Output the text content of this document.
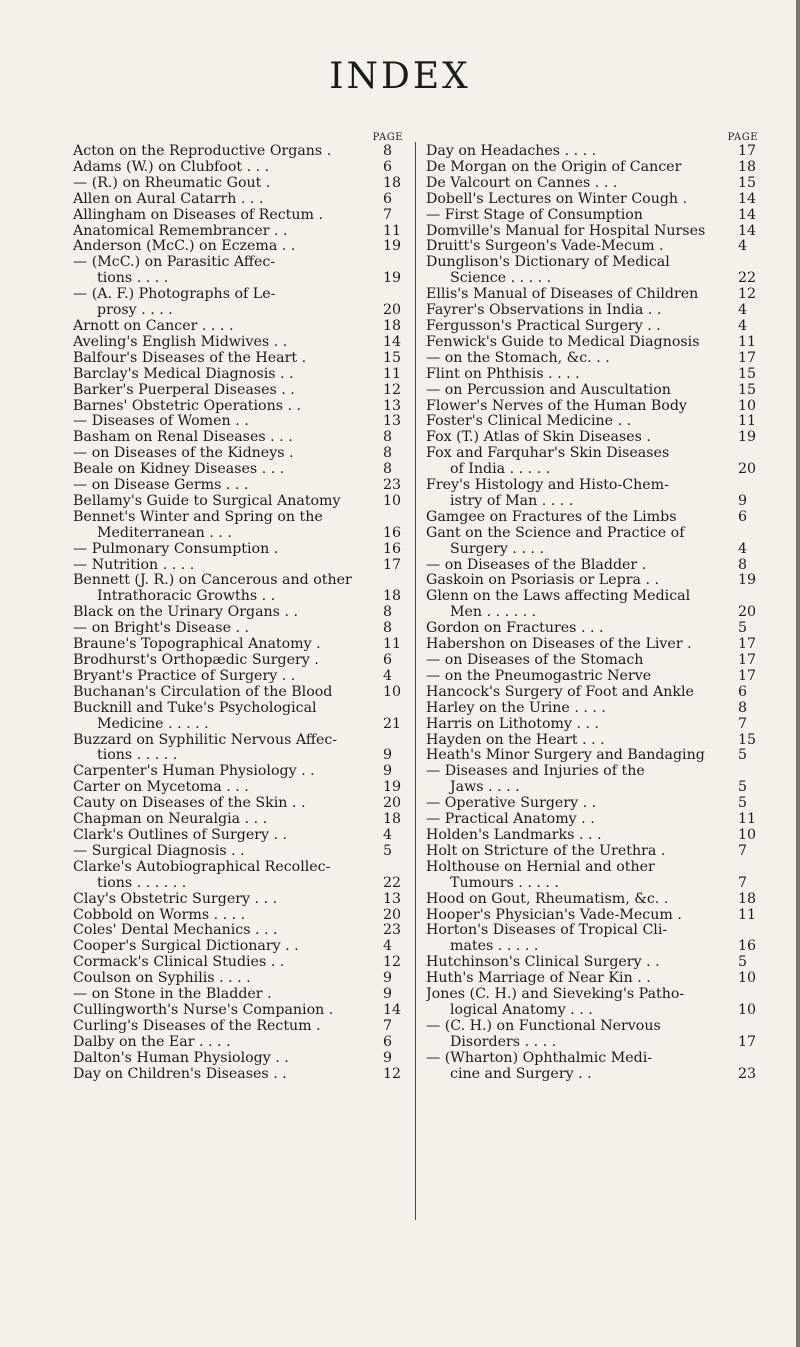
INDEX
PAGE
Acton on the Reproductive Organs .	8
Adams (W.) on Clubfoot . . .	6
— (R.) on Rheumatic Gout .	18
Allen on Aural Catarrh . . .	6
Allingham on Diseases of Rectum .	7
Anatomical Remembrancer . .	11
Anderson (McC.) on Eczema . .	19
— (McC.) on Parasitic Affec-
tions . . . .	19
— (A. F.) Photographs of Le-
prosy . . . .	20
Arnott on Cancer . . . .	18
Aveling's English Midwives . .	14
Balfour's Diseases of the Heart .	15
Barclay's Medical Diagnosis . .	11
Barker's Puerperal Diseases . .	12
Barnes' Obstetric Operations . .	13
— Diseases of Women . .	13
Basham on Renal Diseases . . .	8
— on Diseases of the Kidneys .	8
Beale on Kidney Diseases . . .	8
— on Disease Germs . . .	23
Bellamy's Guide to Surgical Anatomy	10
Bennet's Winter and Spring on the
Mediterranean . . .	16
— Pulmonary Consumption .	16
— Nutrition . . . .	17
Bennett (J. R.) on Cancerous and other
Intrathoracic Growths . .	18
Black on the Urinary Organs . .	8
— on Bright's Disease . .	8
Braune's Topographical Anatomy .	11
Brodhurst's Orthopædic Surgery .	6
Bryant's Practice of Surgery . .	4
Buchanan's Circulation of the Blood	10
Bucknill and Tuke's Psychological
Medicine . . . . .	21
Buzzard on Syphilitic Nervous Affec-
tions . . . . .	9
Carpenter's Human Physiology . .	9
Carter on Mycetoma . . .	19
Cauty on Diseases of the Skin . .	20
Chapman on Neuralgia . . .	18
Clark's Outlines of Surgery . .	4
— Surgical Diagnosis . .	5
Clarke's Autobiographical Recollec-
tions . . . . . .	22
Clay's Obstetric Surgery . . .	13
Cobbold on Worms . . . .	20
Coles' Dental Mechanics . . .	23
Cooper's Surgical Dictionary . .	4
Cormack's Clinical Studies . .	12
Coulson on Syphilis . . . .	9
— on Stone in the Bladder .	9
Cullingworth's Nurse's Companion .	14
Curling's Diseases of the Rectum .	7
Dalby on the Ear . . . .	6
Dalton's Human Physiology . .	9
Day on Children's Diseases . .	12
PAGE
Day on Headaches . . . .	17
De Morgan on the Origin of Cancer	18
De Valcourt on Cannes . . .	15
Dobell's Lectures on Winter Cough .	14
— First Stage of Consumption	14
Domville's Manual for Hospital Nurses	14
Druitt's Surgeon's Vade-Mecum .	4
Dunglison's Dictionary of Medical
Science . . . . .	22
Ellis's Manual of Diseases of Children	12
Fayrer's Observations in India . .	4
Fergusson's Practical Surgery . .	4
Fenwick's Guide to Medical Diagnosis	11
— on the Stomach, &c. . .	17
Flint on Phthisis . . . .	15
— on Percussion and Auscultation	15
Flower's Nerves of the Human Body	10
Foster's Clinical Medicine . .	11
Fox (T.) Atlas of Skin Diseases .	19
Fox and Farquhar's Skin Diseases
of India . . . . .	20
Frey's Histology and Histo-Chem-
istry of Man . . . .	9
Gamgee on Fractures of the Limbs	6
Gant on the Science and Practice of
Surgery . . . .	4
— on Diseases of the Bladder .	8
Gaskoin on Psoriasis or Lepra . .	19
Glenn on the Laws affecting Medical
Men . . . . . .	20
Gordon on Fractures . . .	5
Habershon on Diseases of the Liver .	17
— on Diseases of the Stomach	17
— on the Pneumogastric Nerve	17
Hancock's Surgery of Foot and Ankle	6
Harley on the Urine . . . .	8
Harris on Lithotomy . . .	7
Hayden on the Heart . . .	15
Heath's Minor Surgery and Bandaging	5
— Diseases and Injuries of the
Jaws . . . .	5
— Operative Surgery . .	5
— Practical Anatomy . .	11
Holden's Landmarks . . .	10
Holt on Stricture of the Urethra .	7
Holthouse on Hernial and other
Tumours . . . . .	7
Hood on Gout, Rheumatism, &c. .	18
Hooper's Physician's Vade-Mecum .	11
Horton's Diseases of Tropical Cli-
mates . . . . .	16
Hutchinson's Clinical Surgery . .	5
Huth's Marriage of Near Kin . .	10
Jones (C. H.) and Sieveking's Patho-
logical Anatomy . . .	10
— (C. H.) on Functional Nervous
Disorders . . . .	17
— (Wharton) Ophthalmic Medi-
cine and Surgery . .	23
